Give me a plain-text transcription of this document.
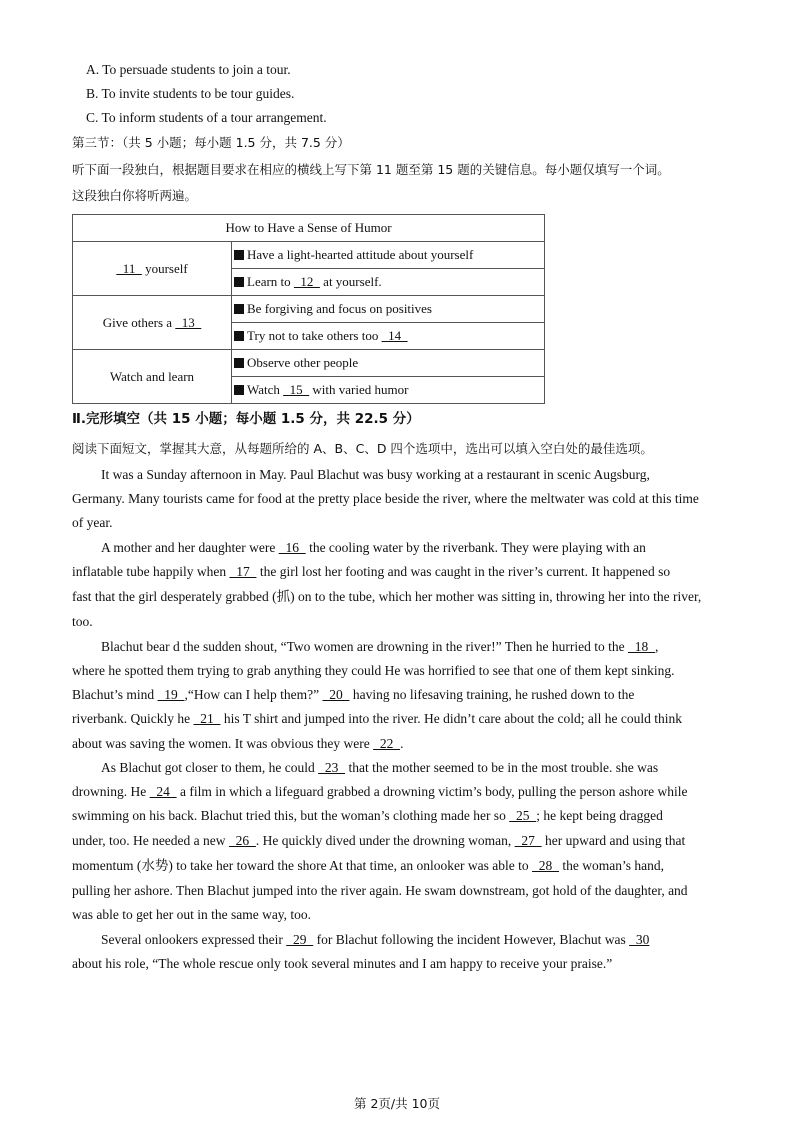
A. To persuade students to join a tour.
B. To invite students to be tour guides.
C. To inform students of a tour arrangement.
第三节：（共 5 小题；每小题 1.5 分，共 7.5 分）
听下面一段独白，根据题目要求在相应的横线上写下第 11 题至第 15 题的关键信息。每小题仅填写一个词。
这段独白你将听两遍。
How to Have a Sense of Humor	
11   yourself	Have a light-hearted attitude about yourself
	Learn to   12   at yourself.
Give others a   13	Be forgiving and focus on positives
	Try not to take others too   14
Watch and learn	Observe other people
	Watch   15   with varied humor
Ⅱ.完形填空（共 15 小题；每小题 1.5 分，共 22.5 分）
阅读下面短文，掌握其大意，从每题所给的 A、B、C、D 四个选项中，选出可以填入空白处的最佳选项。
It was a Sunday afternoon in May. Paul Blachut was busy working at a restaurant in scenic Augsburg,
Germany. Many tourists came for food at the pretty place beside the river, where the meltwater was cold at this time
of year.
A mother and her daughter were   16   the cooling water by the riverbank. They were playing with an
inflatable tube happily when   17   the girl lost her footing and was caught in the river’s current. It happened so
fast that the girl desperately grabbed (抓) on to the tube, which her mother was sitting in, throwing her into the river,
too.
Blachut bear d the sudden shout, “Two women are drowning in the river!” Then he hurried to the   18  ,
where he spotted them trying to grab anything they could He was horrified to see that one of them kept sinking.
Blachut’s mind   19  ,“How can I help them?”   20   having no lifesaving training, he rushed down to the
riverbank. Quickly he   21   his T shirt and jumped into the river. He didn’t care about the cold; all he could think
about was saving the women. It was obvious they were   22  .
As Blachut got closer to them, he could   23   that the mother seemed to be in the most trouble. she was
drowning. He   24   a film in which a lifeguard grabbed a drowning victim’s body, pulling the person ashore while
swimming on his back. Blachut tried this, but the woman’s clothing made her so   25  ; he kept being dragged
under, too. He needed a new   26  . He quickly dived under the drowning woman,   27   her upward and using that
momentum (水势) to take her toward the shore At that time, an onlooker was able to   28   the woman’s hand,
pulling her ashore. Then Blachut jumped into the river again. He swam downstream, got hold of the daughter, and
was able to get her out in the same way, too.
Several onlookers expressed their   29   for Blachut following the incident However, Blachut was   30
about his role, “The whole rescue only took several minutes and I am happy to receive your praise.”
第 2页/共 10页
